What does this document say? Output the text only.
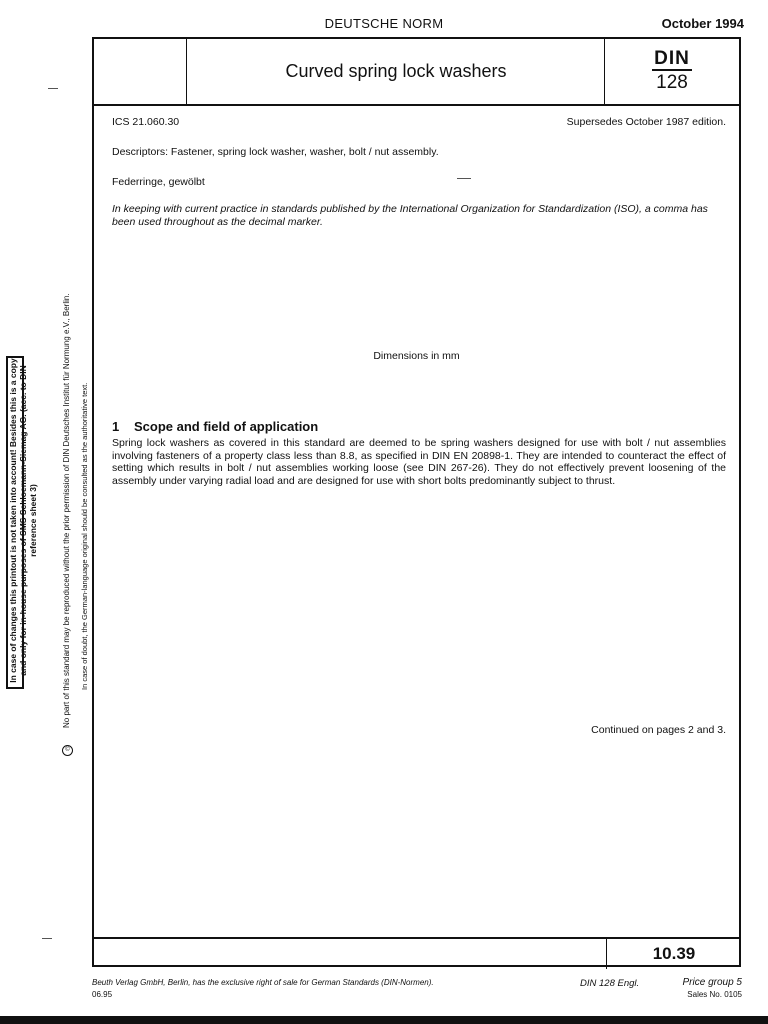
DEUTSCHE NORM	October 1994
Curved spring lock washers
DIN
128
ICS 21.060.30	Supersedes October 1987 edition.
Descriptors: Fastener, spring lock washer, washer, bolt / nut assembly.
Federringe, gewölbt
In keeping with current practice in standards published by the International Organization for Standardization (ISO), a comma has been used throughout as the decimal marker.
Dimensions in mm
1 Scope and field of application
Spring lock washers as covered in this standard are deemed to be spring washers designed for use with bolt / nut assemblies involving fasteners of a property class less than 8.8, as specified in DIN EN 20898-1. They are intended to counteract the effect of setting which results in bolt / nut assemblies working loose (see DIN 267-26). They do not effectively prevent loosening of the assembly under varying radial load and are designed for use with short bolts predominantly subject to thrust.
Continued on pages 2 and 3.
10.39
Beuth Verlag GmbH, Berlin, has the exclusive right of sale for German Standards (DIN-Normen).
06.95
DIN 128 Engl.	Price group 5
Sales No. 0105
In case of changes this printout is not taken into account! Besides this is a copy and only for in-house purposes of SMS Schloemann-Siemag AG. (acc. to DIN reference sheet 3)
©
No part of this standard may be reproduced without the prior permission of DIN Deutsches Institut für Normung e.V., Berlin. In case of doubt, the German-language original should be consulted as the authoritative text.
